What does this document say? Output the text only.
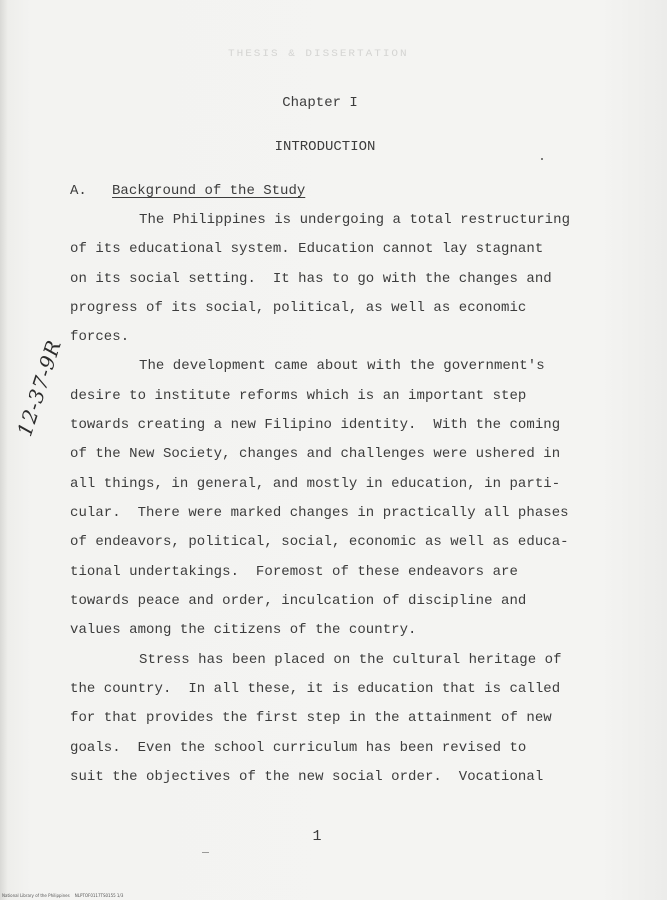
THESIS & DISSERTATION
Chapter I
INTRODUCTION
A. Background of the Study
The Philippines is undergoing a total restructuring
of its educational system. Education cannot lay stagnant
on its social setting.  It has to go with the changes and
progress of its social, political, as well as economic
forces.
The development came about with the government's
desire to institute reforms which is an important step
towards creating a new Filipino identity.  With the coming
of the New Society, changes and challenges were ushered in
all things, in general, and mostly in education, in parti-
cular.  There were marked changes in practically all phases
of endeavors, political, social, economic as well as educa-
tional undertakings.  Foremost of these endeavors are
towards peace and order, inculcation of discipline and
values among the citizens of the country.
Stress has been placed on the cultural heritage of
the country.  In all these, it is education that is called
for that provides the first step in the attainment of new
goals.  Even the school curriculum has been revised to
suit the objectives of the new social order.  Vocational
1
12-37-9R
National Library of the Philippines    NLPTOF0117TS0155 1/3
